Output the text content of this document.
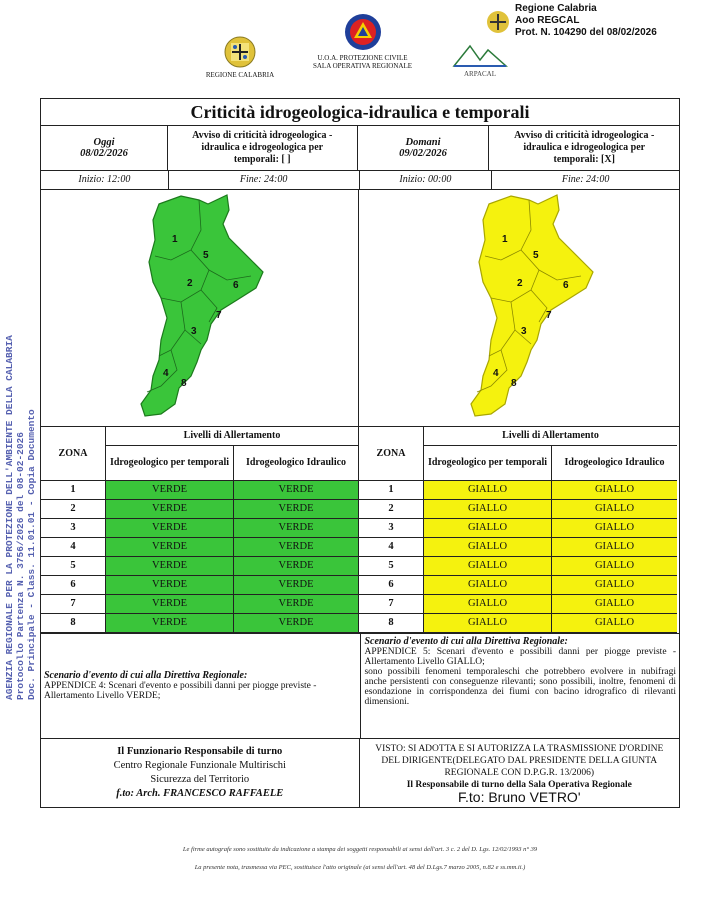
AGENZIA REGIONALE PER LA PROTEZIONE DELL'AMBIENTE DELLA CALABRIA Protocollo Partenza N. 3756/2026 del 08-02-2026 Doc. Principale - Class. 11.01.01 - Copia Documento
REGIONE CALABRIA
U.O.A. PROTEZIONE CIVILE
SALA OPERATIVA REGIONALE
ARPACAL
Regione Calabria
Aoo REGCAL
Prot. N. 104290 del 08/02/2026
Criticità idrogeologica-idraulica e temporali
Oggi
08/02/2026
Avviso di criticità idrogeologica -
idraulica e idrogeologica per
temporali: [ ]
Domani
09/02/2026
Avviso di criticità idrogeologica -
idraulica e idrogeologica per
temporali: [X]
Inizio: 12:00	Fine: 24:00	Inizio: 00:00	Fine: 24:00
1
5
2	6
7
3
4
8
1
5
2	6
7
3
4
8
ZONA	Livelli di Allertamento	
	Idrogeologico per temporali	Idrogeologico Idraulico
1	VERDE	VERDE
2	VERDE	VERDE
3	VERDE	VERDE
4	VERDE	VERDE
5	VERDE	VERDE
6	VERDE	VERDE
7	VERDE	VERDE
8	VERDE	VERDE
ZONA	Livelli di Allertamento	
	Idrogeologico per temporali	Idrogeologico Idraulico
1	GIALLO	GIALLO
2	GIALLO	GIALLO
3	GIALLO	GIALLO
4	GIALLO	GIALLO
5	GIALLO	GIALLO
6	GIALLO	GIALLO
7	GIALLO	GIALLO
8	GIALLO	GIALLO
Scenario d'evento di cui alla Direttiva Regionale:
APPENDICE 4: Scenari d'evento e possibili danni per piogge previste - Allertamento Livello VERDE;
Scenario d'evento di cui alla Direttiva Regionale:
APPENDICE 5: Scenari d'evento e possibili danni per piogge previste - Allertamento Livello GIALLO;
sono possibili fenomeni temporaleschi che potrebbero evolvere in nubifragi anche persistenti con conseguenze rilevanti; sono possibili, inoltre, fenomeni di esondazione in corrispondenza dei fiumi con bacino idrografico di rilevanti dimensioni.
Il Funzionario Responsabile di turno
Centro Regionale Funzionale Multirischi
Sicurezza del Territorio
f.to: Arch. FRANCESCO RAFFAELE
VISTO: SI ADOTTA E SI AUTORIZZA LA TRASMISSIONE D'ORDINE
DEL DIRIGENTE(DELEGATO DAL PRESIDENTE DELLA GIUNTA
REGIONALE CON D.P.G.R. 13/2006)
Il Responsabile di turno della Sala Operativa Regionale
F.to: Bruno VETRO'
Le firme autografe sono sostituite da indicazione a stampa dei soggetti responsabili ai sensi dell'art. 3 c. 2 del D. Lgs. 12/02/1993 n° 39
La presente nota, trasmessa via PEC, sostituisce l'atto originale (ai sensi dell'art. 48 del D.Lgs.7 marzo 2005, n.82 e ss.mm.ii.)
